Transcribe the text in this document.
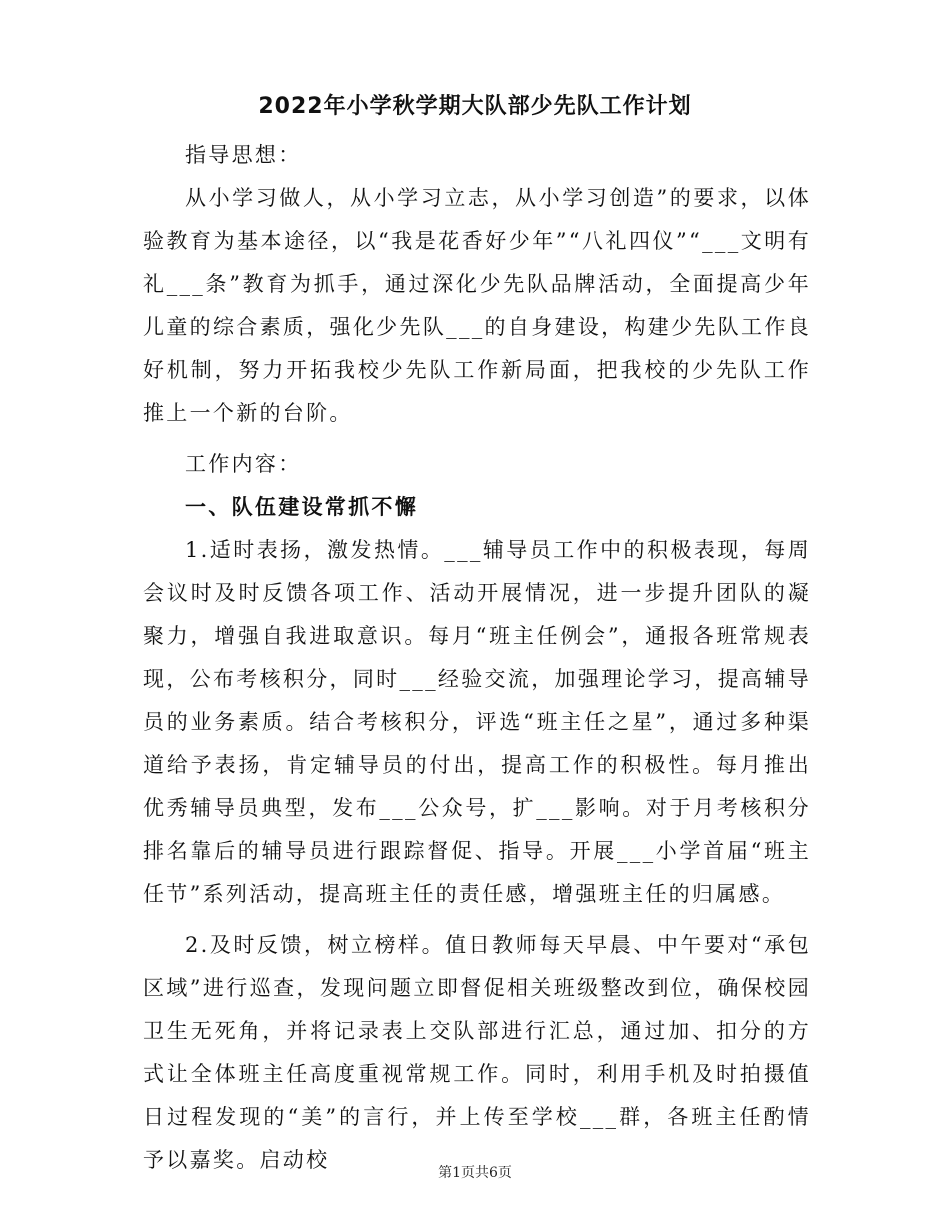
2022年小学秋学期大队部少先队工作计划

指导思想：

从小学习做人，从小学习立志，从小学习创造”的要求，以体验教育为基本途径，以“我是花香好少年”“八礼四仪”“___文明有礼___条”教育为抓手，通过深化少先队品牌活动，全面提高少年儿童的综合素质，强化少先队___的自身建设，构建少先队工作良好机制，努力开拓我校少先队工作新局面，把我校的少先队工作推上一个新的台阶。

工作内容：

一、队伍建设常抓不懈

1.适时表扬，激发热情。___辅导员工作中的积极表现，每周会议时及时反馈各项工作、活动开展情况，进一步提升团队的凝聚力，增强自我进取意识。每月“班主任例会”，通报各班常规表现，公布考核积分，同时___经验交流，加强理论学习，提高辅导员的业务素质。结合考核积分，评选“班主任之星”，通过多种渠道给予表扬，肯定辅导员的付出，提高工作的积极性。每月推出优秀辅导员典型，发布___公众号，扩___影响。对于月考核积分排名靠后的辅导员进行跟踪督促、指导。开展___小学首届“班主任节”系列活动，提高班主任的责任感，增强班主任的归属感。

2.及时反馈，树立榜样。值日教师每天早晨、中午要对“承包区域”进行巡查，发现问题立即督促相关班级整改到位，确保校园卫生无死角，并将记录表上交队部进行汇总，通过加、扣分的方式让全体班主任高度重视常规工作。同时，利用手机及时拍摄值日过程发现的“美”的言行，并上传至学校___群，各班主任酌情予以嘉奖。启动校

第1页共6页
